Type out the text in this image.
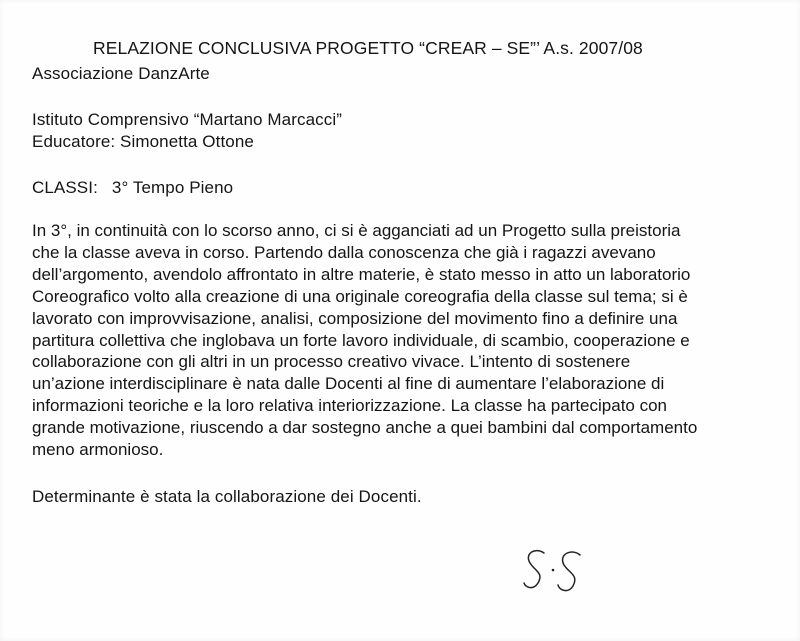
RELAZIONE CONCLUSIVA PROGETTO “CREAR – SE”’ A.s. 2007/08
Associazione DanzArte
Istituto Comprensivo “Martano Marcacci”
Educatore: Simonetta Ottone
CLASSI: 3° Tempo Pieno
In 3°, in continuità con lo scorso anno, ci si è agganciati ad un Progetto sulla preistoria
che la classe aveva in corso. Partendo dalla conoscenza che già i ragazzi avevano
dell’argomento, avendolo affrontato in altre materie, è stato messo in atto un laboratorio
Coreografico volto alla creazione di una originale coreografia della classe sul tema; si è
lavorato con improvvisazione, analisi, composizione del movimento fino a definire una
partitura collettiva che inglobava un forte lavoro individuale, di scambio, cooperazione e
collaborazione con gli altri in un processo creativo vivace. L’intento di sostenere
un’azione interdisciplinare è nata dalle Docenti al fine di aumentare l’elaborazione di
informazioni teoriche e la loro relativa interiorizzazione. La classe ha partecipato con
grande motivazione, riuscendo a dar sostegno anche a quei bambini dal comportamento
meno armonioso.
Determinante è stata la collaborazione dei Docenti.
